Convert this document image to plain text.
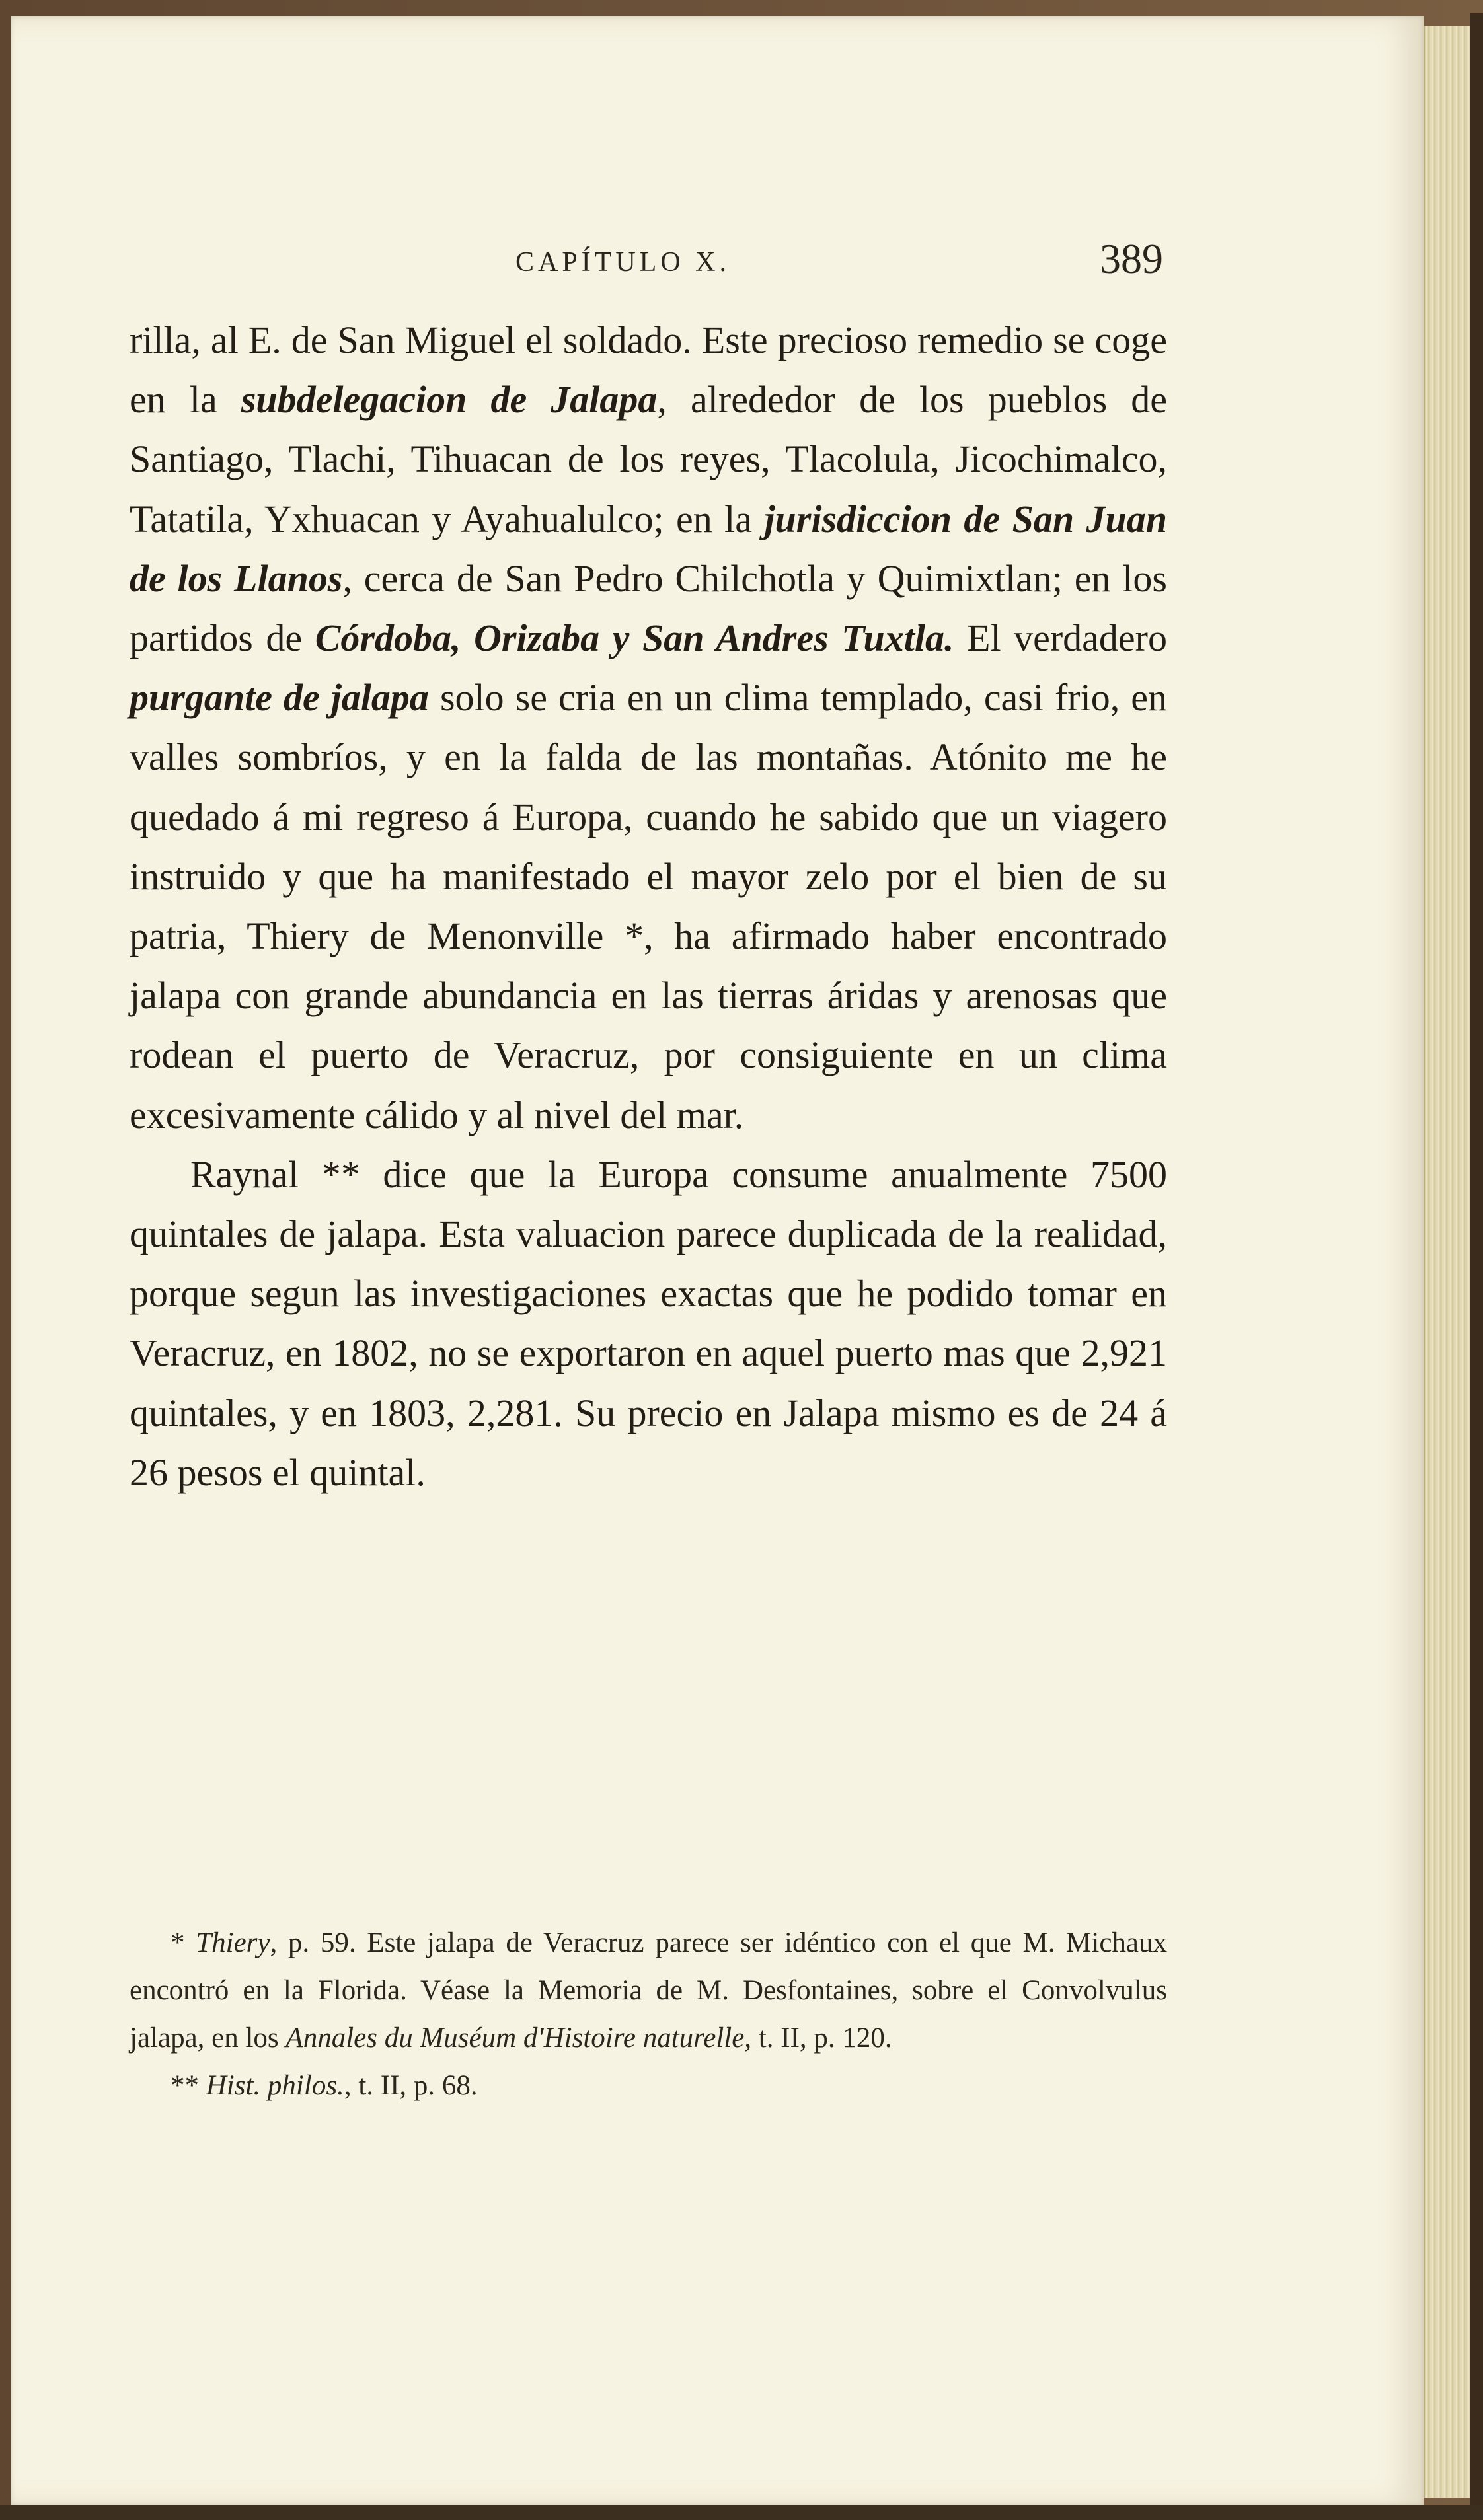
CAPÍTULO X.	389

rilla, al E. de San Miguel el soldado. Este precioso remedio se coge en la subdelegacion de Jalapa, alrededor de los pueblos de Santiago, Tlachi, Tihuacan de los reyes, Tlacolula, Jicochimalco, Tatatila, Yxhuacan y Ayahualulco; en la jurisdiccion de San Juan de los Llanos, cerca de San Pedro Chilchotla y Quimixtlan; en los partidos de Córdoba, Orizaba y San Andres Tuxtla. El verdadero purgante de jalapa solo se cria en un clima templado, casi frio, en valles sombríos, y en la falda de las montañas. Atónito me he quedado á mi regreso á Europa, cuando he sabido que un viagero instruido y que ha manifestado el mayor zelo por el bien de su patria, Thiery de Menonville *, ha afirmado haber encontrado jalapa con grande abundancia en las tierras áridas y arenosas que rodean el puerto de Veracruz, por consiguiente en un clima excesivamente cálido y al nivel del mar.

Raynal ** dice que la Europa consume anualmente 7500 quintales de jalapa. Esta valuacion parece duplicada de la realidad, porque segun las investigaciones exactas que he podido tomar en Veracruz, en 1802, no se exportaron en aquel puerto mas que 2,921 quintales, y en 1803, 2,281. Su precio en Jalapa mismo es de 24 á 26 pesos el quintal.

* Thiery, p. 59. Este jalapa de Veracruz parece ser idéntico con el que M. Michaux encontró en la Florida. Véase la Memoria de M. Desfontaines, sobre el Convolvulus jalapa, en los Annales du Muséum d'Histoire naturelle, t. II, p. 120.

** Hist. philos., t. II, p. 68.
